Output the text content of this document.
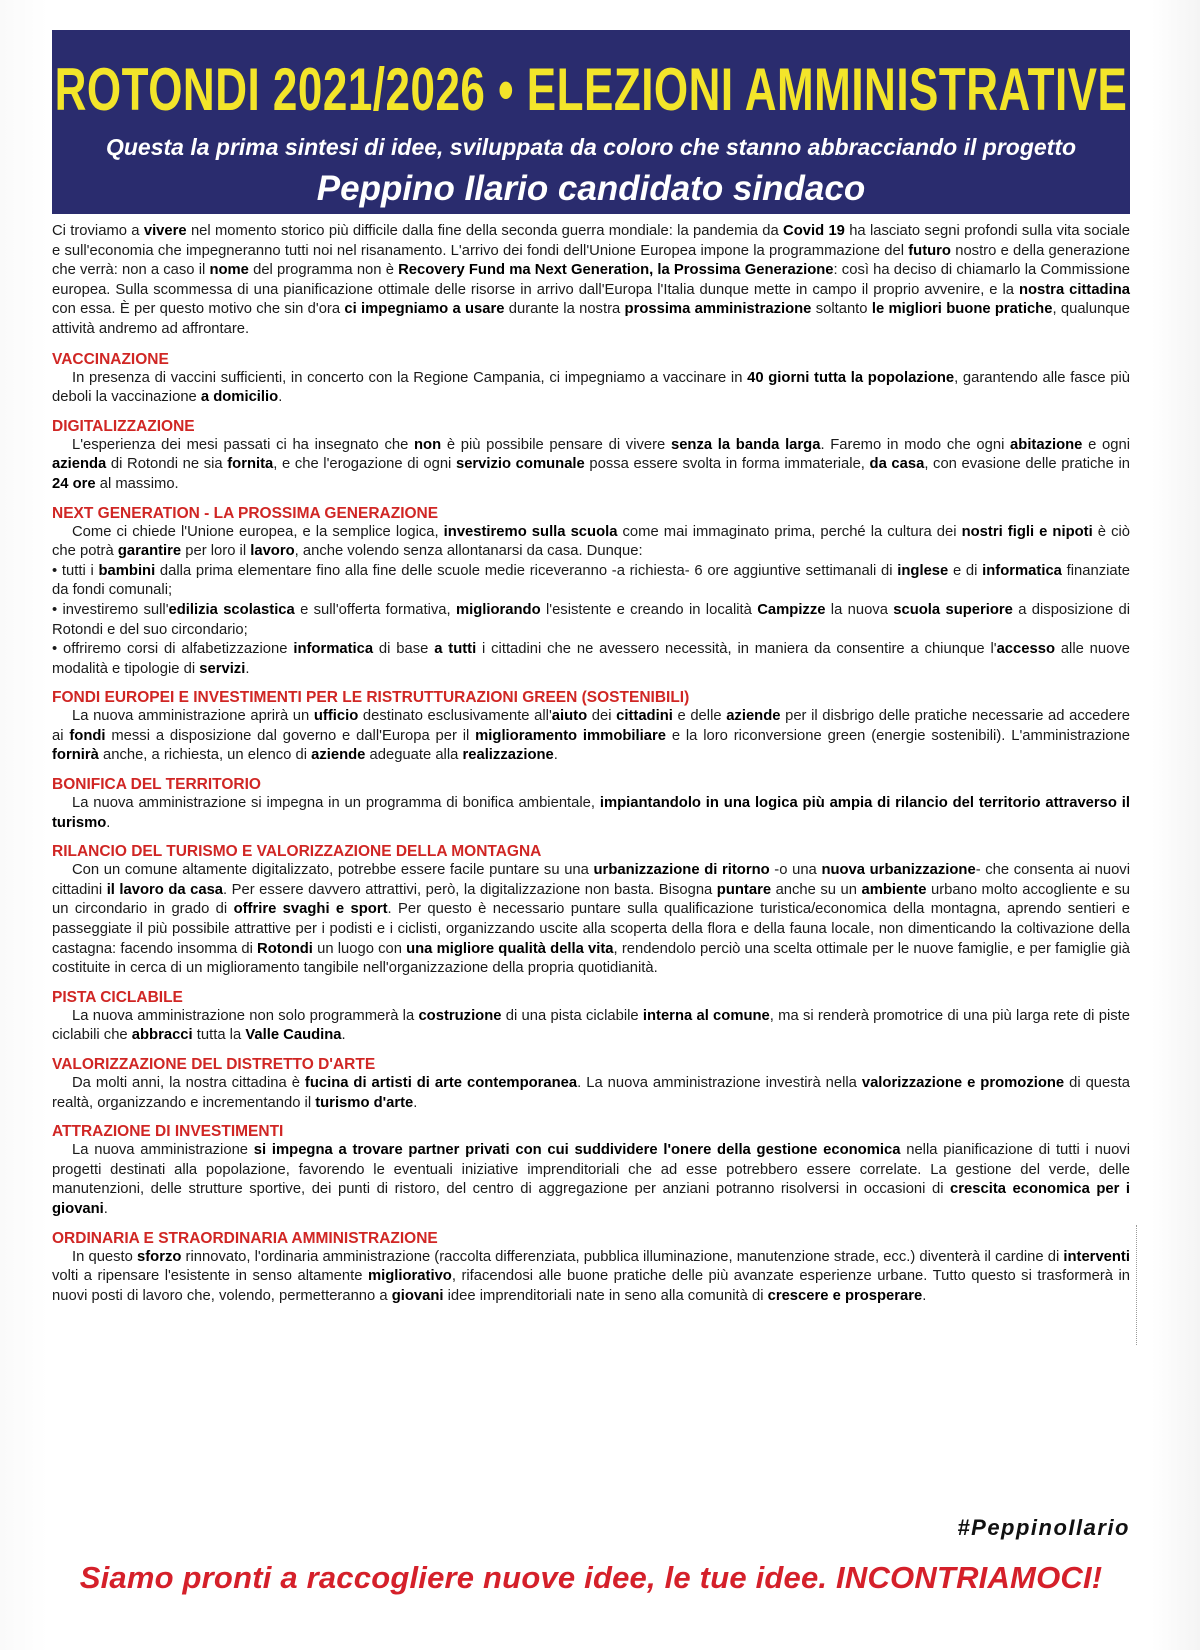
ROTONDI 2021/2026 • ELEZIONI AMMINISTRATIVE
Questa la prima sintesi di idee, sviluppata da coloro che stanno abbracciando il progetto
Peppino Ilario candidato sindaco

Ci troviamo a vivere nel momento storico più difficile dalla fine della seconda guerra mondiale: la pandemia da Covid 19 ha lasciato segni profondi sulla vita sociale e sull'economia che impegneranno tutti noi nel risanamento. L'arrivo dei fondi dell'Unione Europea impone la programmazione del futuro nostro e della generazione che verrà: non a caso il nome del programma non è Recovery Fund ma Next Generation, la Prossima Generazione: così ha deciso di chiamarlo la Commissione europea. Sulla scommessa di una pianificazione ottimale delle risorse in arrivo dall'Europa l'Italia dunque mette in campo il proprio avvenire, e la nostra cittadina con essa. È per questo motivo che sin d'ora ci impegniamo a usare durante la nostra prossima amministrazione soltanto le migliori buone pratiche, qualunque attività andremo ad affrontare.

VACCINAZIONE

In presenza di vaccini sufficienti, in concerto con la Regione Campania, ci impegniamo a vaccinare in 40 giorni tutta la popolazione, garantendo alle fasce più deboli la vaccinazione a domicilio.

DIGITALIZZAZIONE

L'esperienza dei mesi passati ci ha insegnato che non è più possibile pensare di vivere senza la banda larga. Faremo in modo che ogni abitazione e ogni azienda di Rotondi ne sia fornita, e che l'erogazione di ogni servizio comunale possa essere svolta in forma immateriale, da casa, con evasione delle pratiche in 24 ore al massimo.

NEXT GENERATION - LA PROSSIMA GENERAZIONE

Come ci chiede l'Unione europea, e la semplice logica, investiremo sulla scuola come mai immaginato prima, perché la cultura dei nostri figli e nipoti è ciò che potrà garantire per loro il lavoro, anche volendo senza allontanarsi da casa. Dunque:
• tutti i bambini dalla prima elementare fino alla fine delle scuole medie riceveranno -a richiesta- 6 ore aggiuntive settimanali di inglese e di informatica finanziate da fondi comunali;
• investiremo sull'edilizia scolastica e sull'offerta formativa, migliorando l'esistente e creando in località Campizze la nuova scuola superiore a disposizione di Rotondi e del suo circondario;
• offriremo corsi di alfabetizzazione informatica di base a tutti i cittadini che ne avessero necessità, in maniera da consentire a chiunque l'accesso alle nuove modalità e tipologie di servizi.

FONDI EUROPEI E INVESTIMENTI PER LE RISTRUTTURAZIONI GREEN (SOSTENIBILI)

La nuova amministrazione aprirà un ufficio destinato esclusivamente all'aiuto dei cittadini e delle aziende per il disbrigo delle pratiche necessarie ad accedere ai fondi messi a disposizione dal governo e dall'Europa per il miglioramento immobiliare e la loro riconversione green (energie sostenibili). L'amministrazione fornirà anche, a richiesta, un elenco di aziende adeguate alla realizzazione.

BONIFICA DEL TERRITORIO

La nuova amministrazione si impegna in un programma di bonifica ambientale, impiantandolo in una logica più ampia di rilancio del territorio attraverso il turismo.

RILANCIO DEL TURISMO E VALORIZZAZIONE DELLA MONTAGNA

Con un comune altamente digitalizzato, potrebbe essere facile puntare su una urbanizzazione di ritorno -o una nuova urbanizzazione- che consenta ai nuovi cittadini il lavoro da casa. Per essere davvero attrattivi, però, la digitalizzazione non basta. Bisogna puntare anche su un ambiente urbano molto accogliente e su un circondario in grado di offrire svaghi e sport. Per questo è necessario puntare sulla qualificazione turistica/economica della montagna, aprendo sentieri e passeggiate il più possibile attrattive per i podisti e i ciclisti, organizzando uscite alla scoperta della flora e della fauna locale, non dimenticando la coltivazione della castagna: facendo insomma di Rotondi un luogo con una migliore qualità della vita, rendendolo perciò una scelta ottimale per le nuove famiglie, e per famiglie già costituite in cerca di un miglioramento tangibile nell'organizzazione della propria quotidianità.

PISTA CICLABILE

La nuova amministrazione non solo programmerà la costruzione di una pista ciclabile interna al comune, ma si renderà promotrice di una più larga rete di piste ciclabili che abbracci tutta la Valle Caudina.

VALORIZZAZIONE DEL DISTRETTO D'ARTE

Da molti anni, la nostra cittadina è fucina di artisti di arte contemporanea. La nuova amministrazione investirà nella valorizzazione e promozione di questa realtà, organizzando e incrementando il turismo d'arte.

ATTRAZIONE DI INVESTIMENTI

La nuova amministrazione si impegna a trovare partner privati con cui suddividere l'onere della gestione economica nella pianificazione di tutti i nuovi progetti destinati alla popolazione, favorendo le eventuali iniziative imprenditoriali che ad esse potrebbero essere correlate. La gestione del verde, delle manutenzioni, delle strutture sportive, dei punti di ristoro, del centro di aggregazione per anziani potranno risolversi in occasioni di crescita economica per i giovani.

ORDINARIA E STRAORDINARIA AMMINISTRAZIONE

In questo sforzo rinnovato, l'ordinaria amministrazione (raccolta differenziata, pubblica illuminazione, manutenzione strade, ecc.) diventerà il cardine di interventi volti a ripensare l'esistente in senso altamente migliorativo, rifacendosi alle buone pratiche delle più avanzate esperienze urbane. Tutto questo si trasformerà in nuovi posti di lavoro che, volendo, permetteranno a giovani idee imprenditoriali nate in seno alla comunità di crescere e prosperare.

#PeppinoIlario
Siamo pronti a raccogliere nuove idee, le tue idee. INCONTRIAMOCI!
